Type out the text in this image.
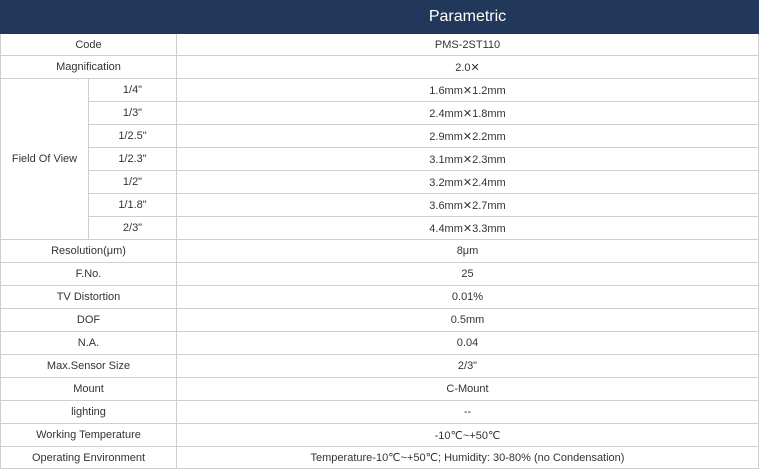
		Parametric
Code		PMS-2ST110
Magnification		2.0✕
Field Of View	1/4"	1.6mm✕1.2mm
	1/3"	2.4mm✕1.8mm
	1/2.5"	2.9mm✕2.2mm
	1/2.3"	3.1mm✕2.3mm
	1/2"	3.2mm✕2.4mm
	1/1.8"	3.6mm✕2.7mm
	2/3"	4.4mm✕3.3mm
Resolution(μm)		8μm
F.No.		25
TV Distortion		0.01%
DOF		0.5mm
N.A.		0.04
Max.Sensor Size		2/3"
Mount		C-Mount
lighting		--
Working Temperature		-10℃~+50℃
Operating Environment		Temperature-10℃~+50℃; Humidity: 30-80% (no Condensation)
